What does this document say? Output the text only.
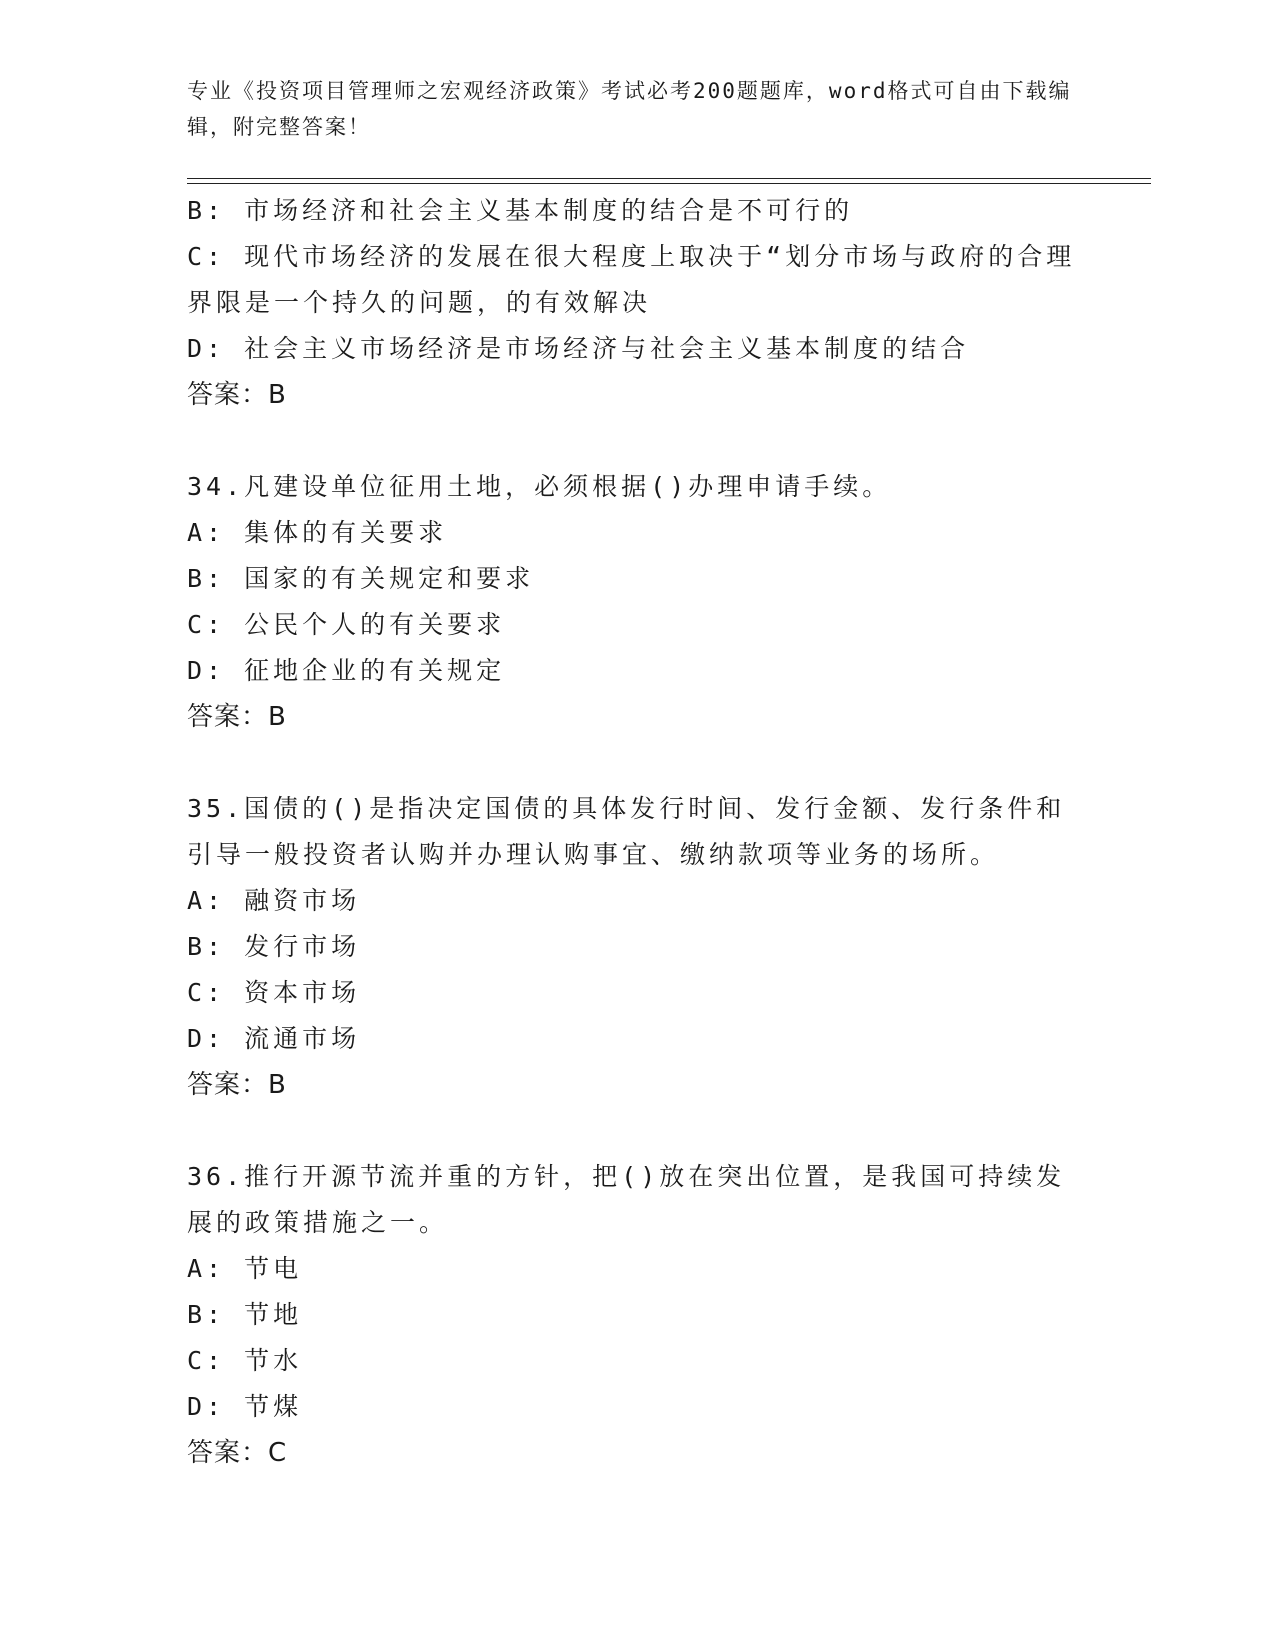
专业《投资项目管理师之宏观经济政策》考试必考200题题库，word格式可自由下载编辑，附完整答案！
B: 市场经济和社会主义基本制度的结合是不可行的
C: 现代市场经济的发展在很大程度上取决于“划分市场与政府的合理界限是一个持久的问题，的有效解决
D: 社会主义市场经济是市场经济与社会主义基本制度的结合
答案：B
34.凡建设单位征用土地，必须根据()办理申请手续。
A: 集体的有关要求
B: 国家的有关规定和要求
C: 公民个人的有关要求
D: 征地企业的有关规定
答案：B
35.国债的()是指决定国债的具体发行时间、发行金额、发行条件和引导一般投资者认购并办理认购事宜、缴纳款项等业务的场所。
A: 融资市场
B: 发行市场
C: 资本市场
D: 流通市场
答案：B
36.推行开源节流并重的方针，把()放在突出位置，是我国可持续发展的政策措施之一。
A: 节电
B: 节地
C: 节水
D: 节煤
答案：C
